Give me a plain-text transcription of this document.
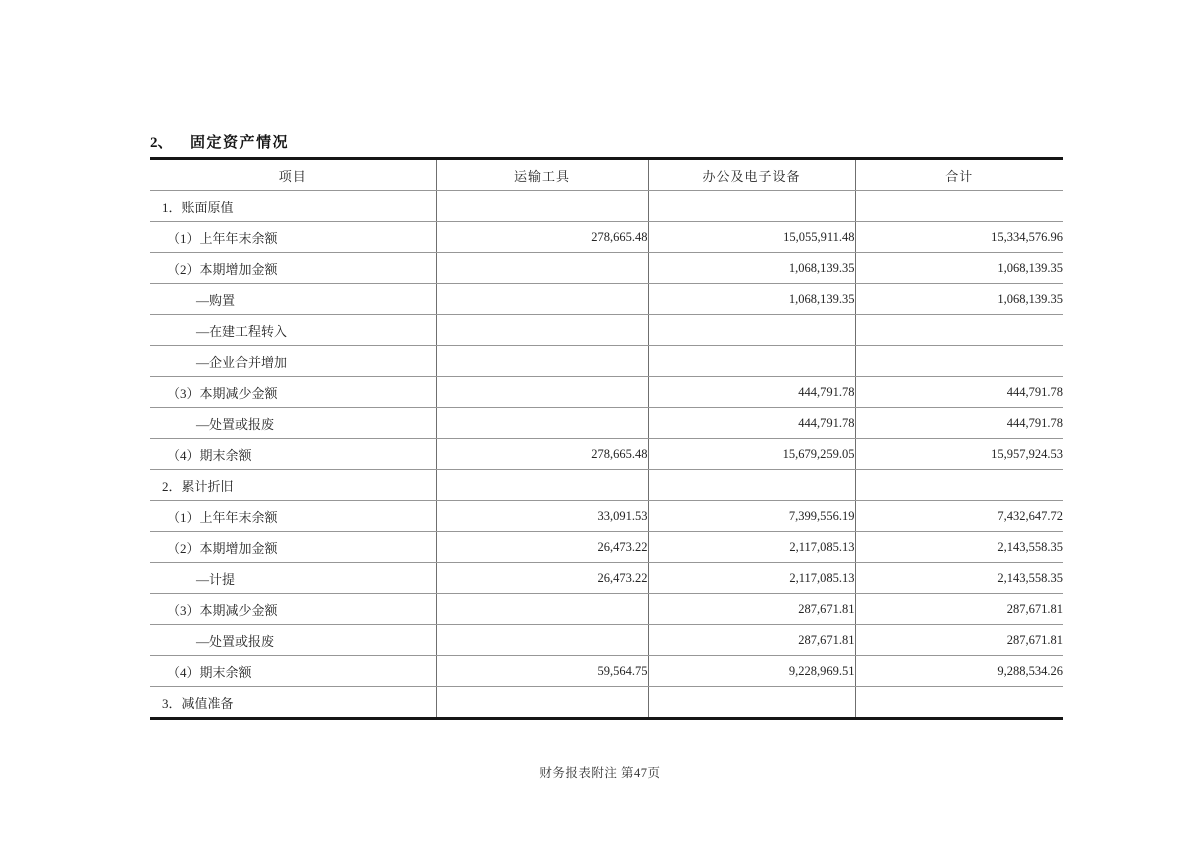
2、 固定资产情况
项目	运输工具	办公及电子设备	合计
1．账面原值			
（1）上年年末余额	278,665.48	15,055,911.48	15,334,576.96
（2）本期增加金额		1,068,139.35	1,068,139.35
—购置		1,068,139.35	1,068,139.35
—在建工程转入			
—企业合并增加			
（3）本期减少金额		444,791.78	444,791.78
—处置或报废		444,791.78	444,791.78
（4）期末余额	278,665.48	15,679,259.05	15,957,924.53
2．累计折旧			
（1）上年年末余额	33,091.53	7,399,556.19	7,432,647.72
（2）本期增加金额	26,473.22	2,117,085.13	2,143,558.35
—计提	26,473.22	2,117,085.13	2,143,558.35
（3）本期减少金额		287,671.81	287,671.81
—处置或报废		287,671.81	287,671.81
（4）期末余额	59,564.75	9,228,969.51	9,288,534.26
3．减值准备			
财务报表附注 第47页
